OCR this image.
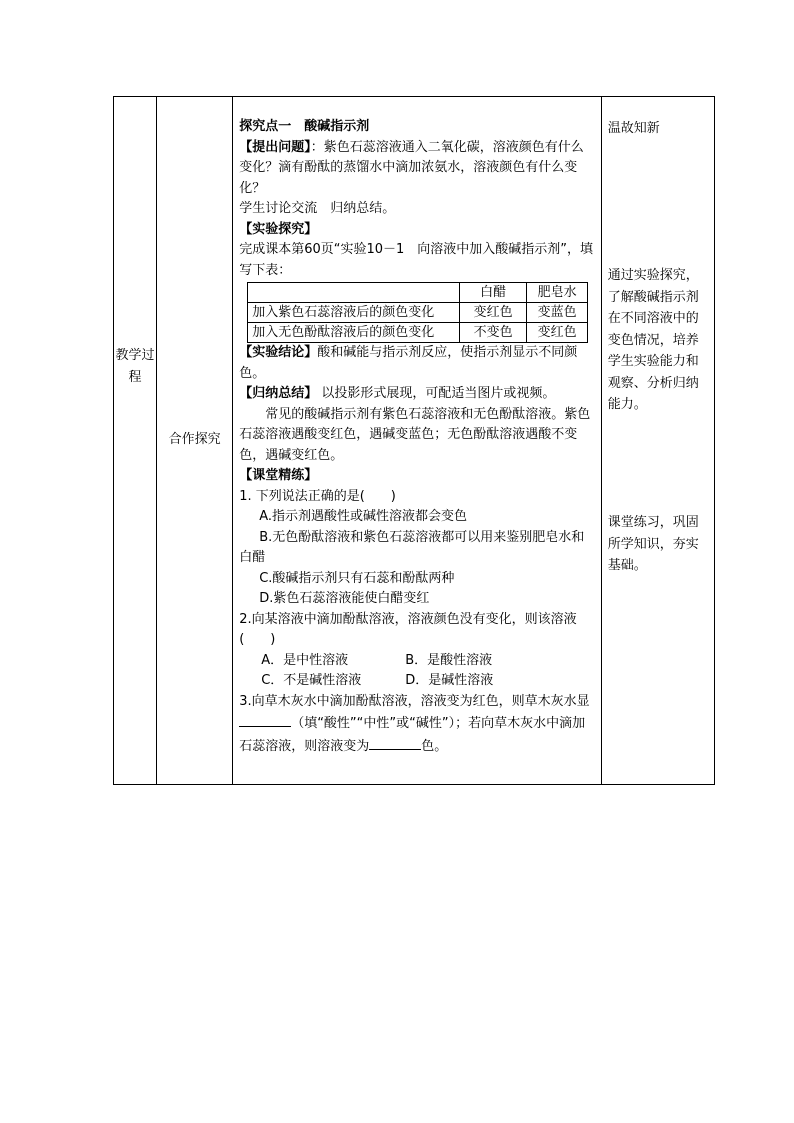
教学过程

合作探究

探究点一　酸碱指示剂

【提出问题】：紫色石蕊溶液通入二氧化碳，溶液颜色有什么变化？滴有酚酞的蒸馏水中滴加浓氨水，溶液颜色有什么变化？

学生讨论交流　归纳总结。

【实验探究】

完成课本第60页“实验10－1　向溶液中加入酸碱指示剂”，填写下表：

	白醋	肥皂水
加入紫色石蕊溶液后的颜色变化	变红色	变蓝色
加入无色酚酞溶液后的颜色变化	不变色	变红色

【实验结论】酸和碱能与指示剂反应，使指示剂显示不同颜色。

【归纳总结】 以投影形式展现，可配适当图片或视频。

常见的酸碱指示剂有紫色石蕊溶液和无色酚酞溶液。紫色石蕊溶液遇酸变红色，遇碱变蓝色；无色酚酞溶液遇酸不变色，遇碱变红色。

【课堂精练】

1. 下列说法正确的是(　　)

A.指示剂遇酸性或碱性溶液都会变色

B.无色酚酞溶液和紫色石蕊溶液都可以用来鉴别肥皂水和白醋

C.酸碱指示剂只有石蕊和酚酞两种

D.紫色石蕊溶液能使白醋变红

2.向某溶液中滴加酚酞溶液，溶液颜色没有变化，则该溶液(　　)

A．是中性溶液	B．是酸性溶液
C．不是碱性溶液	D．是碱性溶液

3.向草木灰水中滴加酚酞溶液，溶液变为红色，则草木灰水显（填“酸性”“中性”或“碱性”）；若向草木灰水中滴加石蕊溶液，则溶液变为	色。

温故知新
通过实验探究，了解酸碱指示剂在不同溶液中的变色情况，培养学生实验能力和观察、分析归纳能力。
课堂练习，巩固所学知识，夯实基础。
